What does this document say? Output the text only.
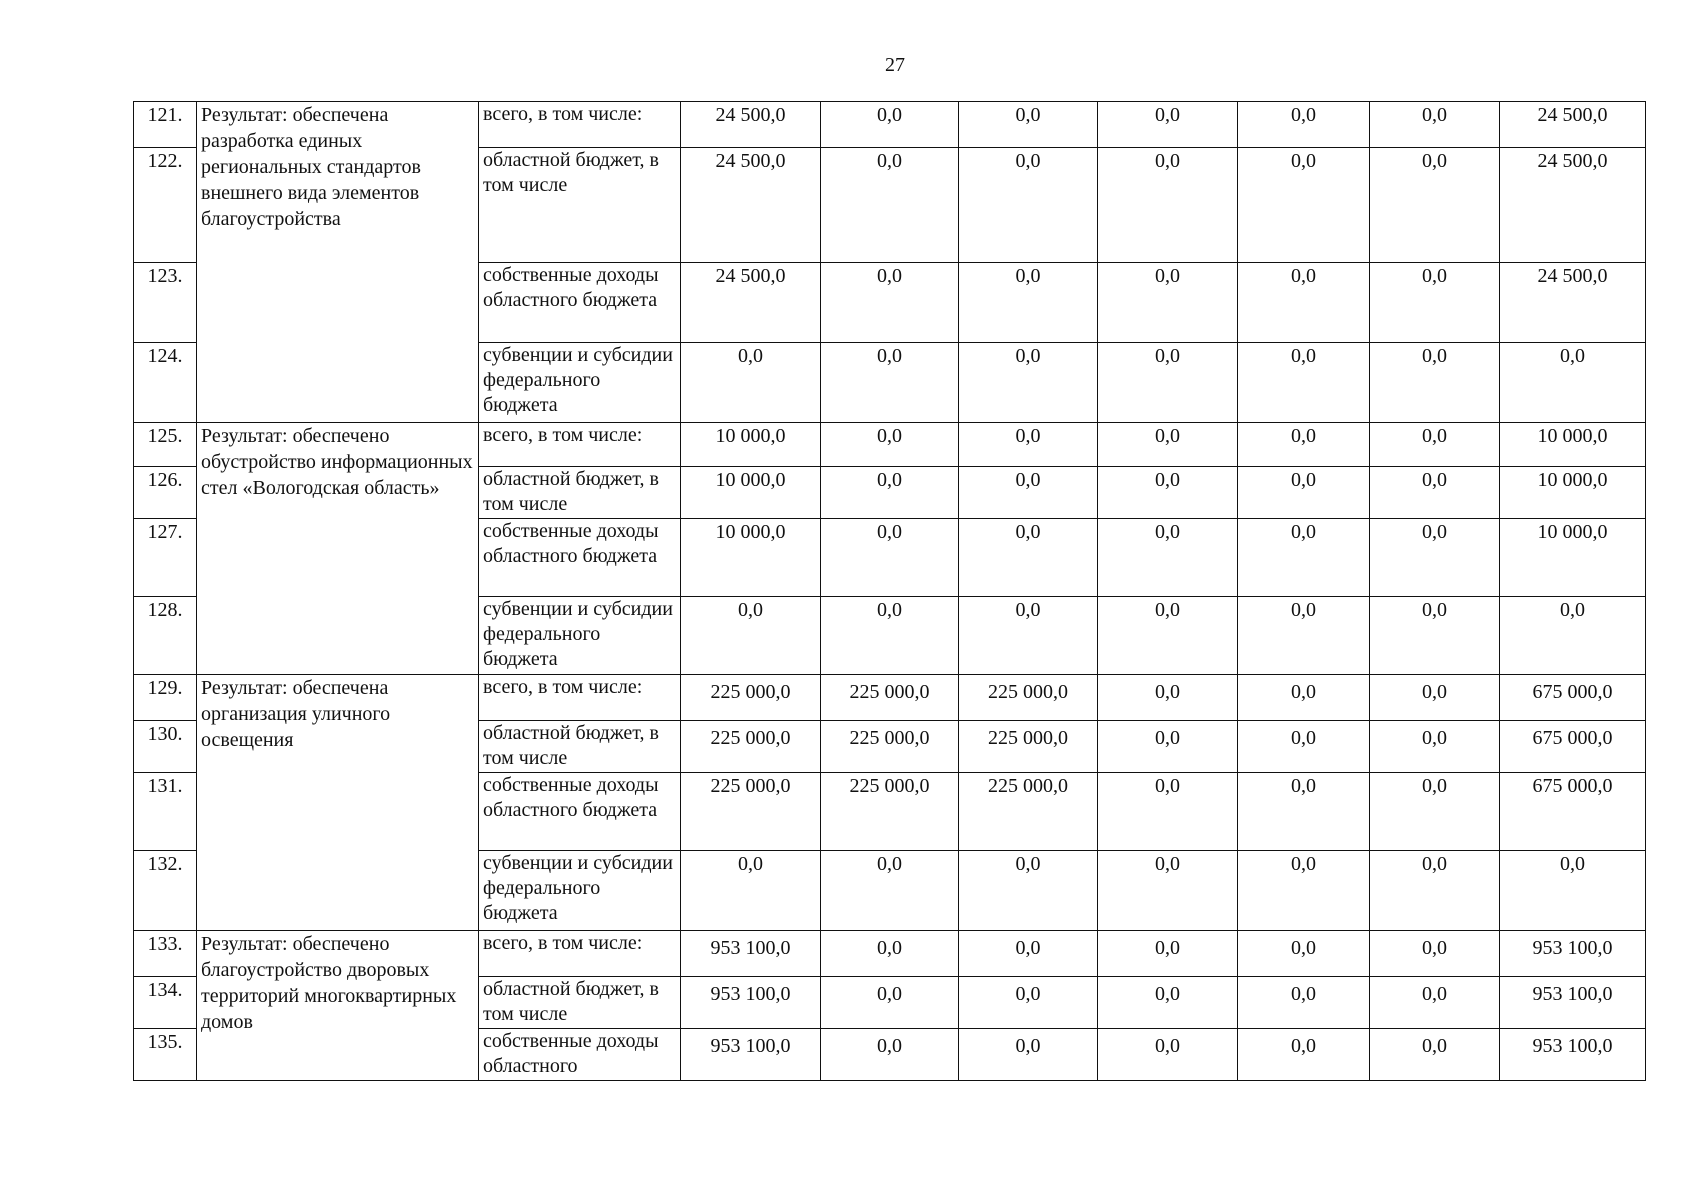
27
121.	Результат: обеспечена разработка единых региональных стандартов внешнего вида элементов благоустройства	всего, в том числе:	24 500,0	0,0	0,0	0,0	0,0	0,0	24 500,0
122.		областной бюджет, в том числе	24 500,0	0,0	0,0	0,0	0,0	0,0	24 500,0
123.		собственные доходы областного бюджета	24 500,0	0,0	0,0	0,0	0,0	0,0	24 500,0
124.		субвенции и субсидии федерального бюджета	0,0	0,0	0,0	0,0	0,0	0,0	0,0
125.	Результат: обеспечено обустройство информационных стел «Вологодская область»	всего, в том числе:	10 000,0	0,0	0,0	0,0	0,0	0,0	10 000,0
126.		областной бюджет, в том числе	10 000,0	0,0	0,0	0,0	0,0	0,0	10 000,0
127.		собственные доходы областного бюджета	10 000,0	0,0	0,0	0,0	0,0	0,0	10 000,0
128.		субвенции и субсидии федерального бюджета	0,0	0,0	0,0	0,0	0,0	0,0	0,0
129.	Результат: обеспечена организация уличного освещения	всего, в том числе:	225 000,0	225 000,0	225 000,0	0,0	0,0	0,0	675 000,0
130.		областной бюджет, в том числе	225 000,0	225 000,0	225 000,0	0,0	0,0	0,0	675 000,0
131.		собственные доходы областного бюджета	225 000,0	225 000,0	225 000,0	0,0	0,0	0,0	675 000,0
132.		субвенции и субсидии федерального бюджета	0,0	0,0	0,0	0,0	0,0	0,0	0,0
133.	Результат: обеспечено благоустройство дворовых территорий многоквартирных домов	всего, в том числе:	953 100,0	0,0	0,0	0,0	0,0	0,0	953 100,0
134.		областной бюджет, в том числе	953 100,0	0,0	0,0	0,0	0,0	0,0	953 100,0
135.		собственные доходы областного	953 100,0	0,0	0,0	0,0	0,0	0,0	953 100,0
